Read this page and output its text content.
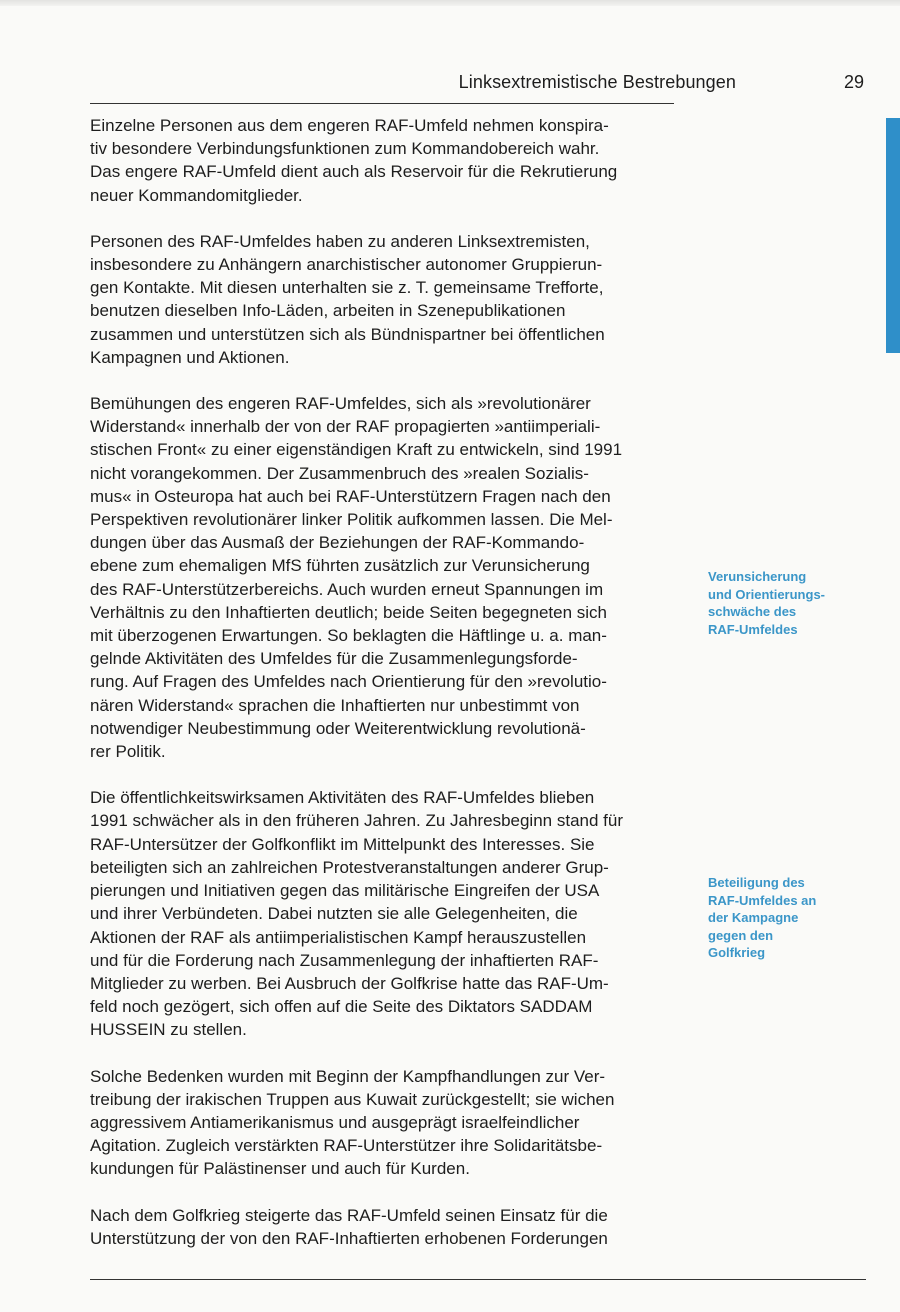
Linksextremistische Bestrebungen	29

Einzelne Personen aus dem engeren RAF-Umfeld nehmen konspira-
tiv besondere Verbindungsfunktionen zum Kommandobereich wahr.
Das engere RAF-Umfeld dient auch als Reservoir für die Rekrutierung
neuer Kommandomitglieder.

Personen des RAF-Umfeldes haben zu anderen Linksextremisten,
insbesondere zu Anhängern anarchistischer autonomer Gruppierun-
gen Kontakte. Mit diesen unterhalten sie z. T. gemeinsame Trefforte,
benutzen dieselben Info-Läden, arbeiten in Szenepublikationen
zusammen und unterstützen sich als Bündnispartner bei öffentlichen
Kampagnen und Aktionen.

Bemühungen des engeren RAF-Umfeldes, sich als »revolutionärer
Widerstand« innerhalb der von der RAF propagierten »antiimperiali-
stischen Front« zu einer eigenständigen Kraft zu entwickeln, sind 1991
nicht vorangekommen. Der Zusammenbruch des »realen Sozialis-
mus« in Osteuropa hat auch bei RAF-Unterstützern Fragen nach den
Perspektiven revolutionärer linker Politik aufkommen lassen. Die Mel-
dungen über das Ausmaß der Beziehungen der RAF-Kommando-
ebene zum ehemaligen MfS führten zusätzlich zur Verunsicherung
des RAF-Unterstützerbereichs. Auch wurden erneut Spannungen im
Verhältnis zu den Inhaftierten deutlich; beide Seiten begegneten sich
mit überzogenen Erwartungen. So beklagten die Häftlinge u. a. man-
gelnde Aktivitäten des Umfeldes für die Zusammenlegungsforde-
rung. Auf Fragen des Umfeldes nach Orientierung für den »revolutio-
nären Widerstand« sprachen die Inhaftierten nur unbestimmt von
notwendiger Neubestimmung oder Weiterentwicklung revolutionä-
rer Politik.

Die öffentlichkeitswirksamen Aktivitäten des RAF-Umfeldes blieben
1991 schwächer als in den früheren Jahren. Zu Jahresbeginn stand für
RAF-Untersützer der Golfkonflikt im Mittelpunkt des Interesses. Sie
beteiligten sich an zahlreichen Protestveranstaltungen anderer Grup-
pierungen und Initiativen gegen das militärische Eingreifen der USA
und ihrer Verbündeten. Dabei nutzten sie alle Gelegenheiten, die
Aktionen der RAF als antiimperialistischen Kampf herauszustellen
und für die Forderung nach Zusammenlegung der inhaftierten RAF-
Mitglieder zu werben. Bei Ausbruch der Golfkrise hatte das RAF-Um-
feld noch gezögert, sich offen auf die Seite des Diktators SADDAM
HUSSEIN zu stellen.

Solche Bedenken wurden mit Beginn der Kampfhandlungen zur Ver-
treibung der irakischen Truppen aus Kuwait zurückgestellt; sie wichen
aggressivem Antiamerikanismus und ausgeprägt israelfeindlicher
Agitation. Zugleich verstärkten RAF-Unterstützer ihre Solidaritätsbe-
kundungen für Palästinenser und auch für Kurden.

Nach dem Golfkrieg steigerte das RAF-Umfeld seinen Einsatz für die
Unterstützung der von den RAF-Inhaftierten erhobenen Forderungen

Verunsicherung
und Orientierungs-
schwäche des
RAF-Umfeldes
Beteiligung des
RAF-Umfeldes an
der Kampagne
gegen den
Golfkrieg
